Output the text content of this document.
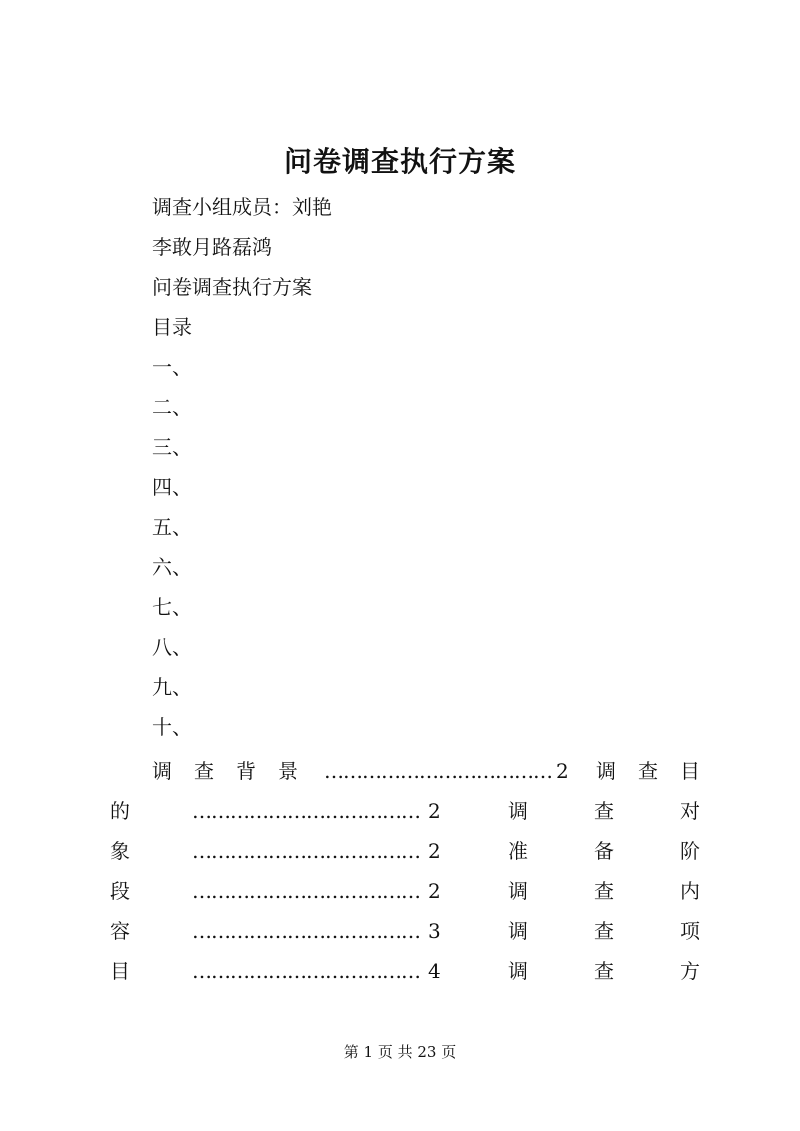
问卷调查执行方案
调查小组成员：刘艳
李敢月路磊鸿
问卷调查执行方案
目录
一、
二、
三、
四、
五、
六、
七、
八、
九、
十、
调 查 背 景 ……………………………… 2 调 查 目
的	……………………………… 2	调	查	对
象	……………………………… 2	准	备	阶
段	……………………………… 2	调	查	内
容	……………………………… 3	调	查	项
目	……………………………… 4	调	查	方
第 1 页 共 23 页
